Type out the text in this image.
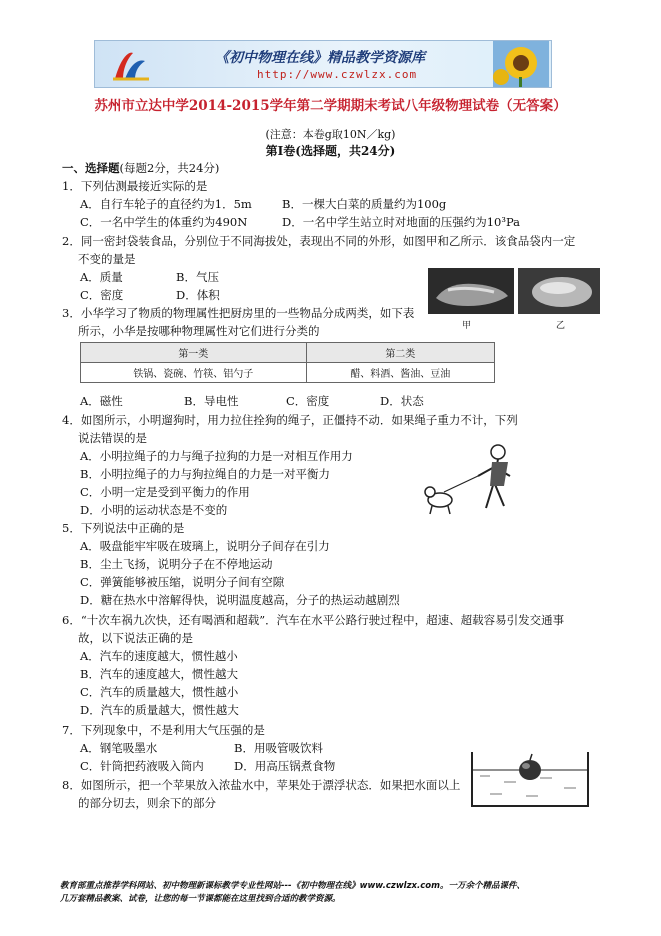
《初中物理在线》精品教学资源库
http://www.czwlzx.com
苏州市立达中学2014-2015学年第二学期期末考试八年级物理试卷（无答案）
(注意：本卷g取10N／kg)
第Ⅰ卷(选择题，共24分)
一、选择题(每题2分，共24分)
1．下列估测最接近实际的是
A．自行车轮子的直径约为1．5m	B．一棵大白菜的质量约为100g
C．一名中学生的体重约为490N	D．一名中学生站立时对地面的压强约为10³Pa
2．同一密封袋装食品，分别位于不同海拔处，表现出不同的外形，如图甲和乙所示．该食品袋内一定
不变的量是
A．质量	B．气压
C．密度	D．体积
甲	乙
3．小华学习了物质的物理属性把厨房里的一些物品分成两类，如下表
所示，小华是按哪种物理属性对它们进行分类的
第一类	第二类
铁锅、瓷碗、竹筷、铝勺子	醋、料酒、酱油、豆油
A．磁性	B．导电性	C．密度	D．状态
4．如图所示，小明遛狗时，用力拉住拴狗的绳子，正僵持不动．如果绳子重力不计，下列
说法错误的是
A．小明拉绳子的力与绳子拉狗的力是一对相互作用力
B．小明拉绳子的力与狗拉绳自的力是一对平衡力
C．小明一定是受到平衡力的作用
D．小明的运动状态是不变的
5．下列说法中正确的是
A．吸盘能牢牢吸在玻璃上，说明分子间存在引力
B．尘土飞扬，说明分子在不停地运动
C．弹簧能够被压缩，说明分子间有空隙
D．糖在热水中溶解得快，说明温度越高，分子的热运动越剧烈
6．“十次车祸九次快，还有喝酒和超载”．汽车在水平公路行驶过程中，超速、超载容易引发交通事
故，以下说法正确的是
A．汽车的速度越大，惯性越小
B．汽车的速度越大，惯性越大
C．汽车的质量越大，惯性越小
D．汽车的质量越大，惯性越大
7．下列现象中，不是利用大气压强的是
A．钢笔吸墨水	B．用吸管吸饮料
C．针筒把药液吸入筒内	D．用高压锅煮食物
8．如图所示，把一个苹果放入浓盐水中，苹果处于漂浮状态．如果把水面以上
的部分切去，则余下的部分
教育部重点推荐学科网站、初中物理新课标教学专业性网站---《初中物理在线》www.czwlzx.com。一万余个精品课件、
几万套精品教案、试卷，让您的每一节课都能在这里找到合适的教学资源。
